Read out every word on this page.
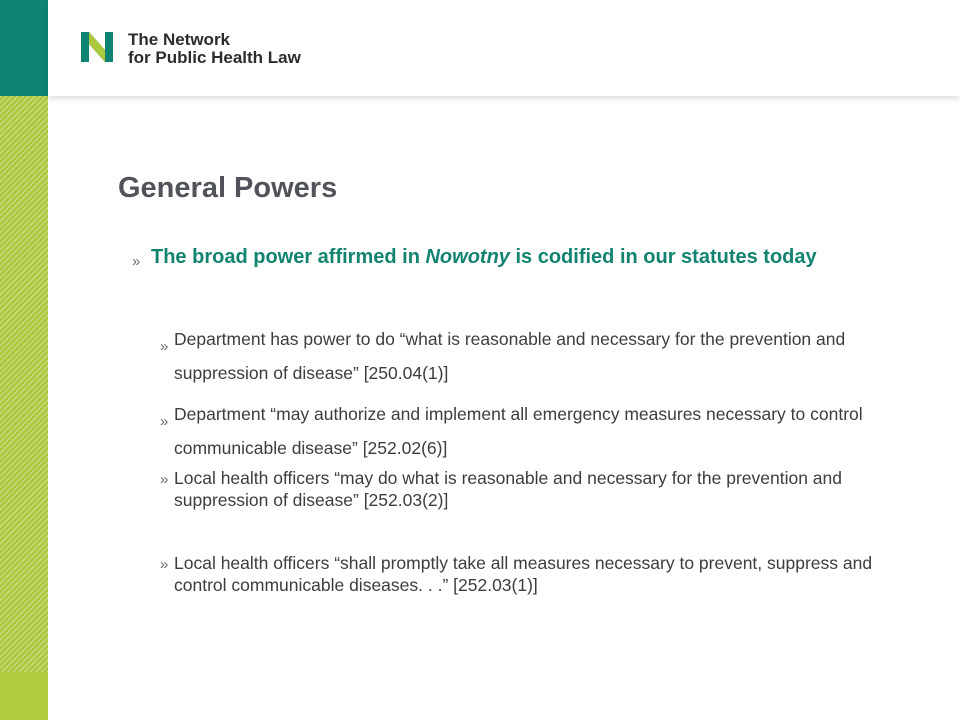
The Network
for Public Health Law
General Powers
» The broad power affirmed in Nowotny is codified in our statutes today
» Department has power to do “what is reasonable and necessary for the prevention and suppression of disease” [250.04(1)]
» Department “may authorize and implement all emergency measures necessary to control communicable disease” [252.02(6)]
» Local health officers “may do what is reasonable and necessary for the prevention and suppression of disease” [252.03(2)]
» Local health officers “shall promptly take all measures necessary to prevent, suppress and control communicable diseases. . .” [252.03(1)]
